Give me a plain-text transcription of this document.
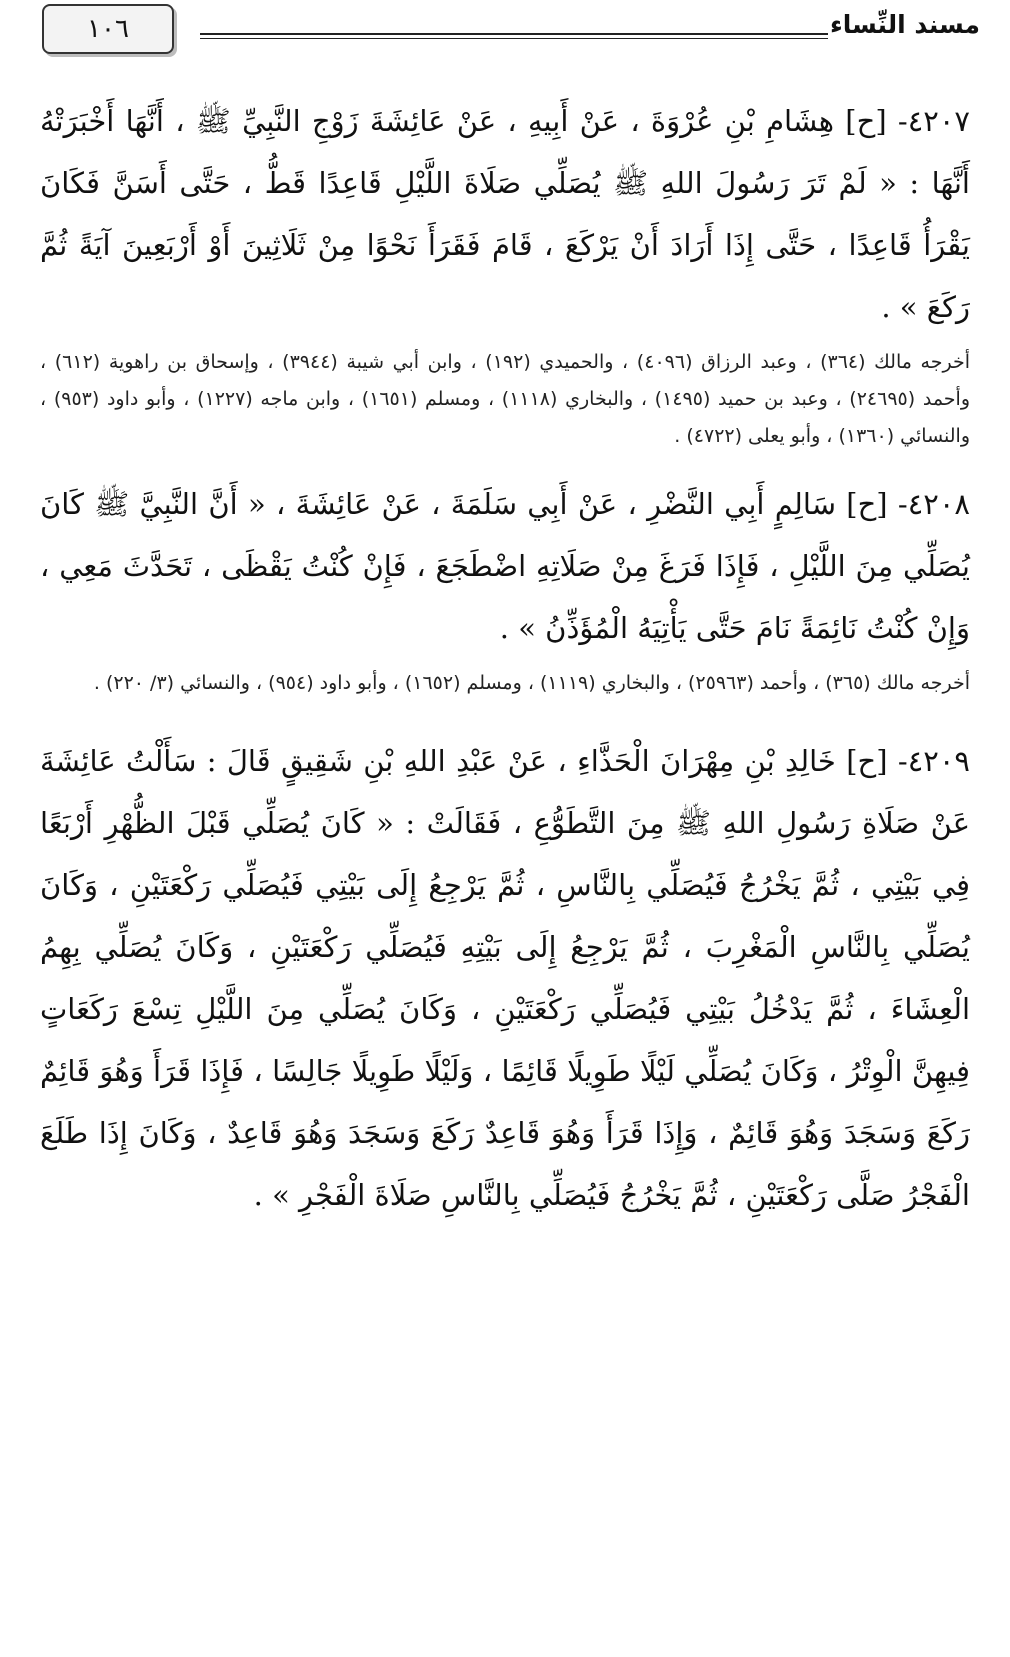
١٠٦	مسند النِّساء

٤٢٠٧- [ح] هِشَامِ بْنِ عُرْوَةَ ، عَنْ أَبِيهِ ، عَنْ عَائِشَةَ زَوْجِ النَّبِيِّ ﷺ ، أَنَّهَا أَخْبَرَتْهُ أَنَّهَا : « لَمْ تَرَ رَسُولَ اللهِ ﷺ يُصَلِّي صَلَاةَ اللَّيْلِ قَاعِدًا قَطُّ ، حَتَّى أَسَنَّ فَكَانَ يَقْرَأُ قَاعِدًا ، حَتَّى إِذَا أَرَادَ أَنْ يَرْكَعَ ، قَامَ فَقَرَأَ نَحْوًا مِنْ ثَلَاثِينَ أَوْ أَرْبَعِينَ آيَةً ثُمَّ رَكَعَ » .

أخرجه مالك (٣٦٤) ، وعبد الرزاق (٤٠٩٦) ، والحميدي (١٩٢) ، وابن أبي شيبة (٣٩٤٤) ، وإسحاق بن راهوية (٦١٢) ، وأحمد (٢٤٦٩٥) ، وعبد بن حميد (١٤٩٥) ، والبخاري (١١١٨) ، ومسلم (١٦٥١) ، وابن ماجه (١٢٢٧) ، وأبو داود (٩٥٣) ، والنسائي (١٣٦٠) ، وأبو يعلى (٤٧٢٢) .

٤٢٠٨- [ح] سَالِمٍ أَبِي النَّضْرِ ، عَنْ أَبِي سَلَمَةَ ، عَنْ عَائِشَةَ ، « أَنَّ النَّبِيَّ ﷺ كَانَ يُصَلِّي مِنَ اللَّيْلِ ، فَإِذَا فَرَغَ مِنْ صَلَاتِهِ اضْطَجَعَ ، فَإِنْ كُنْتُ يَقْظَى ، تَحَدَّثَ مَعِي ، وَإِنْ كُنْتُ نَائِمَةً نَامَ حَتَّى يَأْتِيَهُ الْمُؤَذِّنُ » .

أخرجه مالك (٣٦٥) ، وأحمد (٢٥٩٦٣) ، والبخاري (١١١٩) ، ومسلم (١٦٥٢) ، وأبو داود (٩٥٤) ، والنسائي (٣/ ٢٢٠) .

٤٢٠٩- [ح] خَالِدِ بْنِ مِهْرَانَ الْحَذَّاءِ ، عَنْ عَبْدِ اللهِ بْنِ شَقِيقٍ قَالَ : سَأَلْتُ عَائِشَةَ عَنْ صَلَاةِ رَسُولِ اللهِ ﷺ مِنَ التَّطَوُّعِ ، فَقَالَتْ : « كَانَ يُصَلِّي قَبْلَ الظُّهْرِ أَرْبَعًا فِي بَيْتِي ، ثُمَّ يَخْرُجُ فَيُصَلِّي بِالنَّاسِ ، ثُمَّ يَرْجِعُ إِلَى بَيْتِي فَيُصَلِّي رَكْعَتَيْنِ ، وَكَانَ يُصَلِّي بِالنَّاسِ الْمَغْرِبَ ، ثُمَّ يَرْجِعُ إِلَى بَيْتِهِ فَيُصَلِّي رَكْعَتَيْنِ ، وَكَانَ يُصَلِّي بِهِمُ الْعِشَاءَ ، ثُمَّ يَدْخُلُ بَيْتِي فَيُصَلِّي رَكْعَتَيْنِ ، وَكَانَ يُصَلِّي مِنَ اللَّيْلِ تِسْعَ رَكَعَاتٍ فِيهِنَّ الْوِتْرُ ، وَكَانَ يُصَلِّي لَيْلًا طَوِيلًا قَائِمًا ، وَلَيْلًا طَوِيلًا جَالِسًا ، فَإِذَا قَرَأَ وَهُوَ قَائِمٌ رَكَعَ وَسَجَدَ وَهُوَ قَائِمٌ ، وَإِذَا قَرَأَ وَهُوَ قَاعِدٌ رَكَعَ وَسَجَدَ وَهُوَ قَاعِدٌ ، وَكَانَ إِذَا طَلَعَ الْفَجْرُ صَلَّى رَكْعَتَيْنِ ، ثُمَّ يَخْرُجُ فَيُصَلِّي بِالنَّاسِ صَلَاةَ الْفَجْرِ » .
